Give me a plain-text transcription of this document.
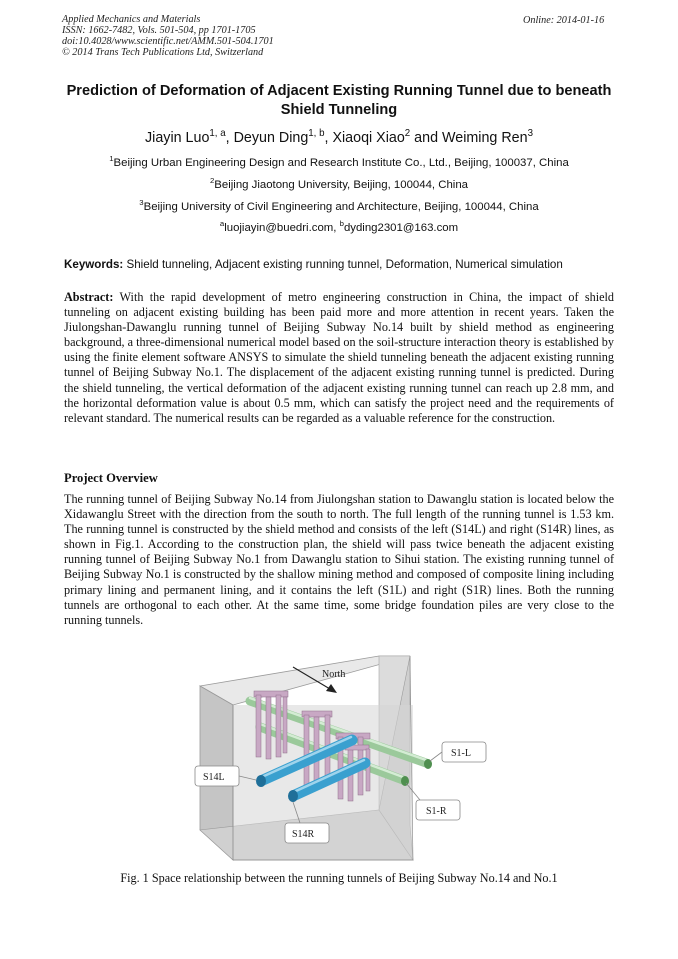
Applied Mechanics and Materials
ISSN: 1662-7482, Vols. 501-504, pp 1701-1705
doi:10.4028/www.scientific.net/AMM.501-504.1701
© 2014 Trans Tech Publications Ltd, Switzerland
Online: 2014-01-16
Prediction of Deformation of Adjacent Existing Running Tunnel due to beneath Shield Tunneling
Jiayin Luo$^{1, a}$, Deyun Ding$^{1, b}$, Xiaoqi Xiao$^2$ and Weiming Ren$^3$
$^1$Beijing Urban Engineering Design and Research Institute Co., Ltd., Beijing, 100037, China
$^2$Beijing Jiaotong University, Beijing, 100044, China
$^3$Beijing University of Civil Engineering and Architecture, Beijing, 100044, China
$^a$luojiayin@buedri.com, $^b$dyding2301@163.com
Keywords: Shield tunneling, Adjacent existing running tunnel, Deformation, Numerical simulation
Abstract: With the rapid development of metro engineering construction in China, the impact of shield tunneling on adjacent existing building has been paid more and more attention in recent years. Taken the Jiulongshan-Dawanglu running tunnel of Beijing Subway No.14 built by shield method as engineering background, a three-dimensional numerical model based on the soil-structure interaction theory is established by using the finite element software ANSYS to simulate the shield tunneling beneath the adjacent existing running tunnel of Beijing Subway No.1. The displacement of the adjacent existing running tunnel is predicted. During the shield tunneling, the vertical deformation of the adjacent existing running tunnel can reach up 2.8 mm, and the horizontal deformation value is about 0.5 mm, which can satisfy the project need and the requirements of relevant standard. The numerical results can be regarded as a valuable reference for the construction.
Project Overview
The running tunnel of Beijing Subway No.14 from Jiulongshan station to Dawanglu station is located below the Xidawanglu Street with the direction from the south to north. The full length of the running tunnel is 1.53 km. The running tunnel is constructed by the shield method and consists of the left (S14L) and right (S14R) lines, as shown in Fig.1. According to the construction plan, the shield will pass twice beneath the adjacent existing running tunnel of Beijing Subway No.1 from Dawanglu station to Sihui station. The existing running tunnel of Beijing Subway No.1 is constructed by the shallow mining method and composed of composite lining including primary lining and permanent lining, and it contains the left (S1L) and right (S1R) lines. Both the running tunnels are orthogonal to each other. At the same time, some bridge foundation piles are very close to the running tunnels.
North
S1-L
S1-R
S14L
S14R
Fig. 1 Space relationship between the running tunnels of Beijing Subway No.14 and No.1
